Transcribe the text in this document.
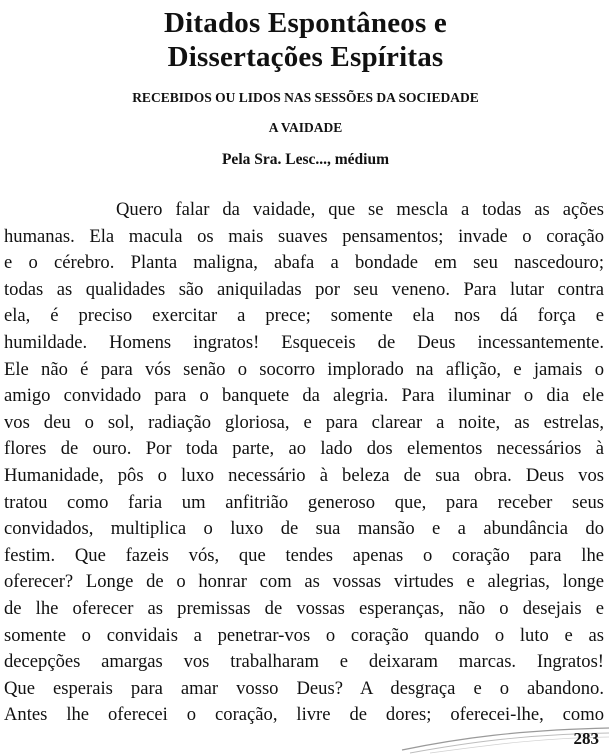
Ditados Espontâneos e
Dissertações Espíritas
RECEBIDOS OU LIDOS NAS SESSÕES DA SOCIEDADE
A VAIDADE
Pela Sra. Lesc..., médium
Quero falar da vaidade, que se mescla a todas as ações
humanas. Ela macula os mais suaves pensamentos; invade o coração
e o cérebro. Planta maligna, abafa a bondade em seu nascedouro;
todas as qualidades são aniquiladas por seu veneno. Para lutar contra
ela, é preciso exercitar a prece; somente ela nos dá força e
humildade. Homens ingratos! Esqueceis de Deus incessantemente.
Ele não é para vós senão o socorro implorado na aflição, e jamais o
amigo convidado para o banquete da alegria. Para iluminar o dia ele
vos deu o sol, radiação gloriosa, e para clarear a noite, as estrelas,
flores de ouro. Por toda parte, ao lado dos elementos necessários à
Humanidade, pôs o luxo necessário à beleza de sua obra. Deus vos
tratou como faria um anfitrião generoso que, para receber seus
convidados, multiplica o luxo de sua mansão e a abundância do
festim. Que fazeis vós, que tendes apenas o coração para lhe
oferecer? Longe de o honrar com as vossas virtudes e alegrias, longe
de lhe oferecer as premissas de vossas esperanças, não o desejais e
somente o convidais a penetrar-vos o coração quando o luto e as
decepções amargas vos trabalharam e deixaram marcas. Ingratos!
Que esperais para amar vosso Deus? A desgraça e o abandono.
Antes lhe oferecei o coração, livre de dores; oferecei-lhe, como
283
